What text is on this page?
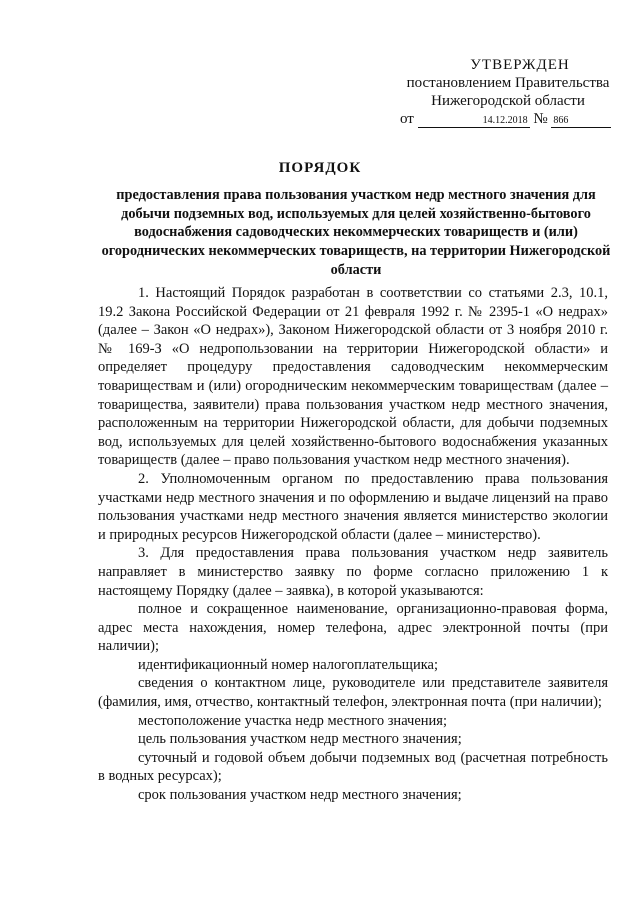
УТВЕРЖДЕН
постановлением Правительства
Нижегородской области
от	14.12.2018 № 866
ПОРЯДОК
предоставления права пользования участком недр местного значения для добычи подземных вод, используемых для целей хозяйственно-бытового водоснабжения садоводческих некоммерческих товариществ и (или) огороднических некоммерческих товариществ, на территории Нижегородской области

1. Настоящий Порядок разработан в соответствии со статьями 2.3, 10.1, 19.2 Закона Российской Федерации от 21 февраля 1992 г. № 2395-1 «О недрах» (далее – Закон «О недрах»), Законом Нижегородской области от 3 ноября 2010 г. № 169-З «О недропользовании на территории Нижегородской области» и определяет процедуру предоставления садоводческим некоммерческим товариществам и (или) огородническим некоммерческим товариществам (далее – товарищества, заявители) права пользования участком недр местного значения, расположенным на территории Нижегородской области, для добычи подземных вод, используемых для целей хозяйственно-бытового водоснабжения указанных товариществ (далее – право пользования участком недр местного значения).

2. Уполномоченным органом по предоставлению права пользования участками недр местного значения и по оформлению и выдаче лицензий на право пользования участками недр местного значения является министерство экологии и природных ресурсов Нижегородской области (далее – министерство).

3. Для предоставления права пользования участком недр заявитель направляет в министерство заявку по форме согласно приложению 1 к настоящему Порядку (далее – заявка), в которой указываются:

полное и сокращенное наименование, организационно-правовая форма, адрес места нахождения, номер телефона, адрес электронной почты (при наличии);

идентификационный номер налогоплательщика;

сведения о контактном лице, руководителе или представителе заявителя (фамилия, имя, отчество, контактный телефон, электронная почта (при наличии);

местоположение участка недр местного значения;

цель пользования участком недр местного значения;

суточный и годовой объем добычи подземных вод (расчетная потребность в водных ресурсах);

срок пользования участком недр местного значения;
